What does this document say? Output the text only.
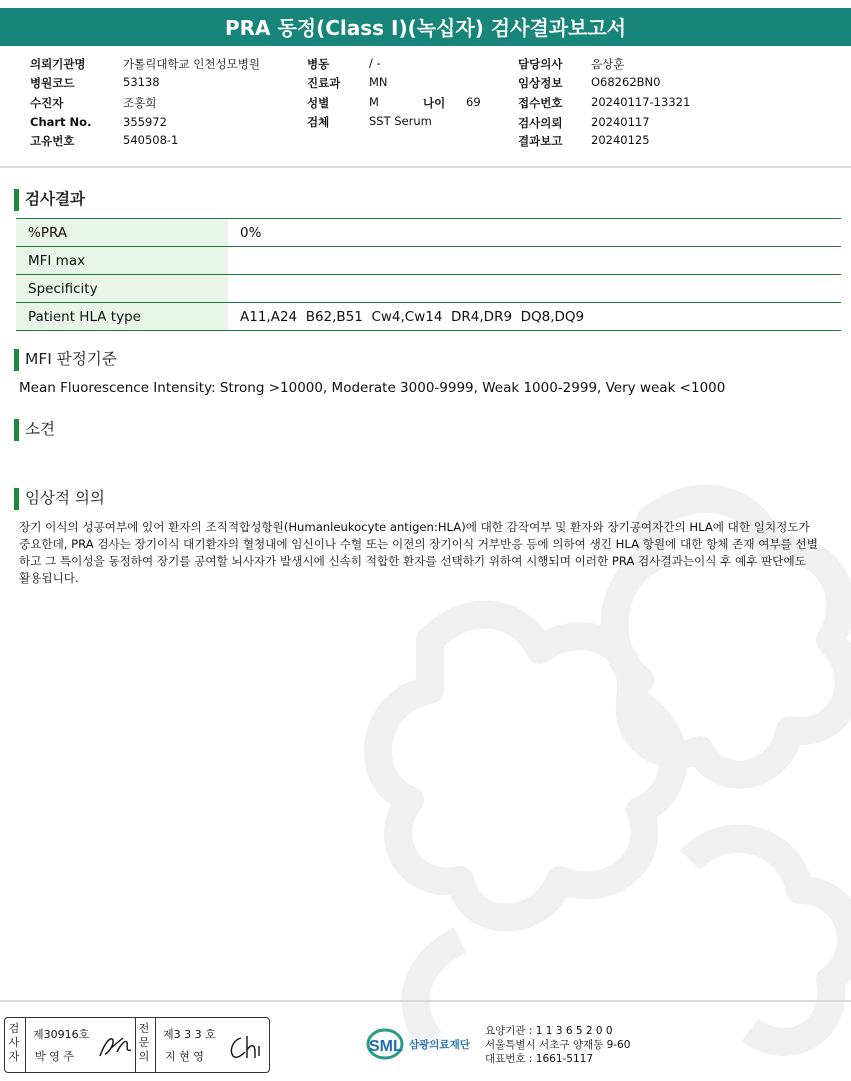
PRA 동정(Class I)(녹십자) 검사결과보고서
의뢰기관명	가톨릭대학교 인천성모병원
병원코드	53138
수진자	조홍희
Chart No.	355972
고유번호	540508-1
병동	/ -
진료과 MN
성별	M	나이 69
검체	SST Serum
담당의사 음상훈
임상정보 O68262BN0
접수번호 20240117-13321
검사의뢰 20240117
결과보고 20240125
검사결과
%PRA	0%
MFI max	
Specificity	
Patient HLA type	A11,A24  B62,B51  Cw4,Cw14  DR4,DR9  DQ8,DQ9
MFI 판정기준
Mean Fluorescence Intensity: Strong >10000, Moderate 3000-9999, Weak 1000-2999, Very weak <1000
소견
임상적 의의
장기 이식의 성공여부에 있어 환자의 조직적합성항원(Humanleukocyte antigen:HLA)에 대한 감작여부 및 환자와 장기공여자간의 HLA에 대한 일치정도가 중요한데, PRA 검사는 장기이식 대기환자의 혈청내에 임신이나 수혈 또는 이전의 장기이식 거부반응 등에 의하여 생긴 HLA 항원에 대한 항체 존재 여부를 선별하고 그 특이성을 동정하여 장기를 공여할 뇌사자가 발생시에 신속히 적합한 환자를 선택하기 위하여 시행되며 이러한 PRA 검사결과는이식 후 예후 판단에도 활용됩니다.
검사자
제30916호
박 영 주
전문의
제3 3 3 호
지 현 영
SML 삼광의료재단
요양기관 : 1 1 3 6 5 2 0 0
서울특별시 서초구 양재동 9-60
대표번호 : 1661-5117
